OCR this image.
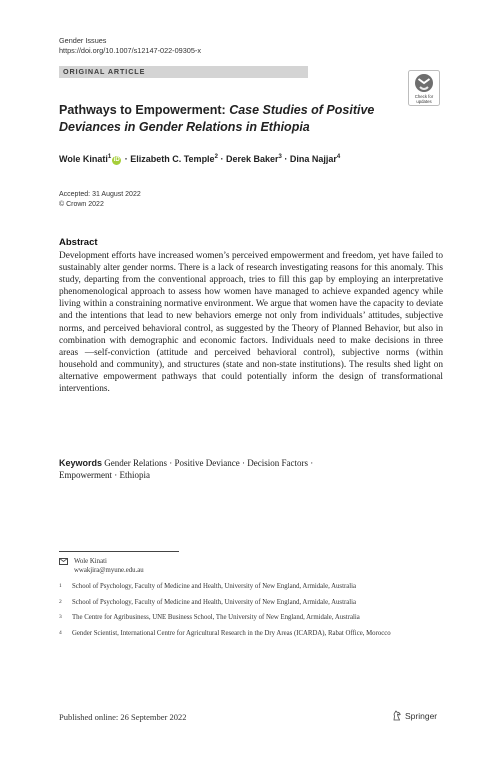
Gender Issues
https://doi.org/10.1007/s12147-022-09305-x
ORIGINAL ARTICLE
Check for
updates
Pathways to Empowerment: Case Studies of Positive Deviances in Gender Relations in Ethiopia
Wole Kinati$^1$ iD · Elizabeth C. Temple$^2$ · Derek Baker$^3$ · Dina Najjar$^4$
Accepted: 31 August 2022
© Crown 2022
Abstract

Development efforts have increased women’s perceived empowerment and freedom, yet have failed to sustainably alter gender norms. There is a lack of research investigating reasons for this anomaly. This study, departing from the conventional approach, tries to fill this gap by employing an interpretative phenomenological approach to assess how women have managed to achieve expanded agency while living within a constraining normative environment. We argue that women have the capacity to deviate and the intentions that lead to new behaviors emerge not only from individuals’ attitudes, subjective norms, and perceived behavioral control, as suggested by the Theory of Planned Behavior, but also in combination with demographic and economic factors. Individuals need to make decisions in three areas —self-conviction (attitude and perceived behavioral control), subjective norms (within household and community), and structures (state and non-state institutions). The results shed light on alternative empowerment pathways that could potentially inform the design of transformational interventions.

Keywords Gender Relations · Positive Deviance · Decision Factors ·
Empowerment · Ethiopia
Wole Kinati
wwakjira@myune.edu.au
1	School of Psychology, Faculty of Medicine and Health, University of New England, Armidale, Australia
2	School of Psychology, Faculty of Medicine and Health, University of New England, Armidale, Australia
3	The Centre for Agribusiness, UNE Business School, The University of New England, Armidale, Australia
4	Gender Scientist, International Centre for Agricultural Research in the Dry Areas (ICARDA), Rabat Office, Morocco
Published online: 26 September 2022	Springer
